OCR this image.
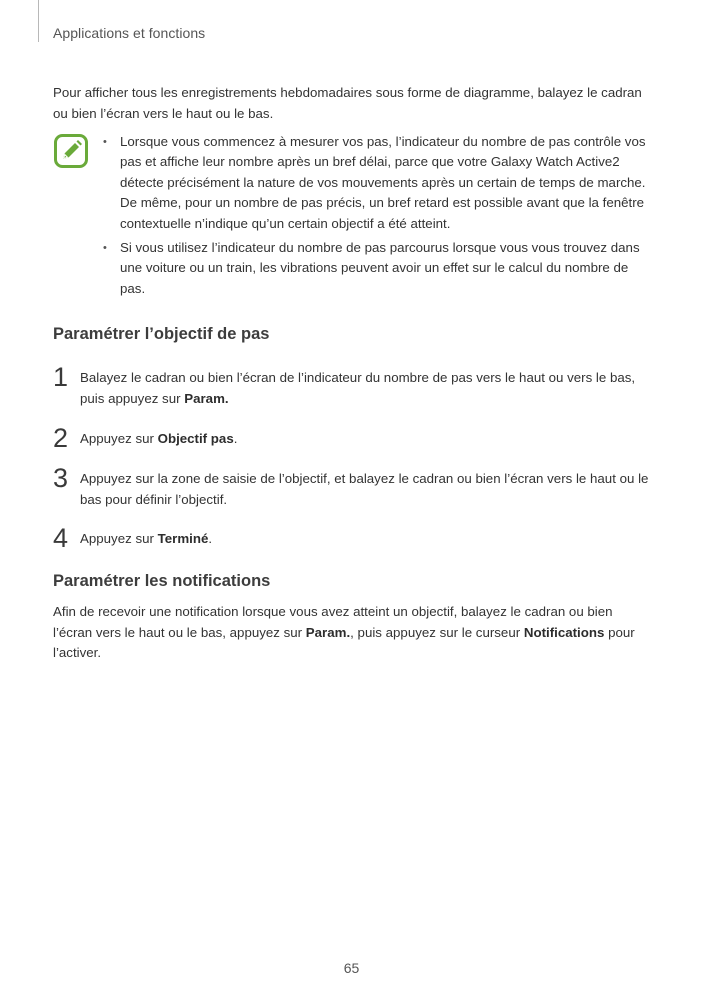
Applications et fonctions
Pour afficher tous les enregistrements hebdomadaires sous forme de diagramme, balayez le cadran ou bien l’écran vers le haut ou le bas.
• Lorsque vous commencez à mesurer vos pas, l’indicateur du nombre de pas contrôle vos pas et affiche leur nombre après un bref délai, parce que votre Galaxy Watch Active2 détecte précisément la nature de vos mouvements après un certain de temps de marche. De même, pour un nombre de pas précis, un bref retard est possible avant que la fenêtre contextuelle n’indique qu’un certain objectif a été atteint.
• Si vous utilisez l’indicateur du nombre de pas parcourus lorsque vous vous trouvez dans une voiture ou un train, les vibrations peuvent avoir un effet sur le calcul du nombre de pas.
Paramétrer l’objectif de pas
1 Balayez le cadran ou bien l’écran de l’indicateur du nombre de pas vers le haut ou vers le bas, puis appuyez sur Param.
2 Appuyez sur Objectif pas.
3 Appuyez sur la zone de saisie de l’objectif, et balayez le cadran ou bien l’écran vers le haut ou le bas pour définir l’objectif.
4 Appuyez sur Terminé.
Paramétrer les notifications
Afin de recevoir une notification lorsque vous avez atteint un objectif, balayez le cadran ou bien l’écran vers le haut ou le bas, appuyez sur Param., puis appuyez sur le curseur Notifications pour l’activer.
65
